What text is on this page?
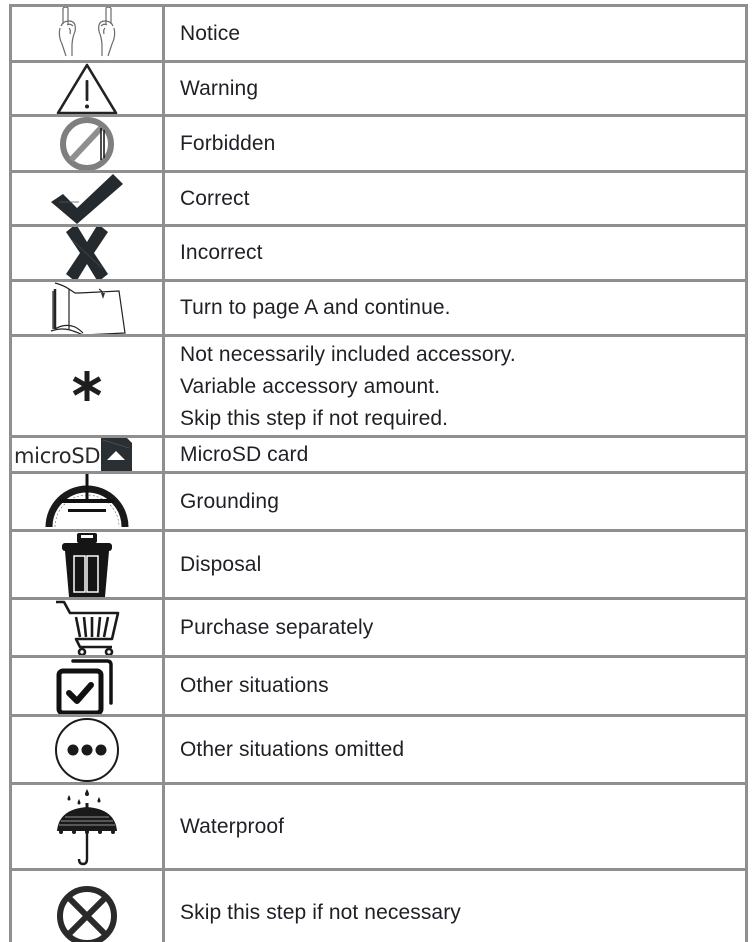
Notice
Warning
Forbidden
Correct
Incorrect
Turn to page A and continue.
Not necessarily included accessory.
Variable accessory amount.
Skip this step if not required.
microSD	MicroSD card
Grounding
Disposal
Purchase separately
Other situations
Other situations omitted
Waterproof
Skip this step if not necessary
